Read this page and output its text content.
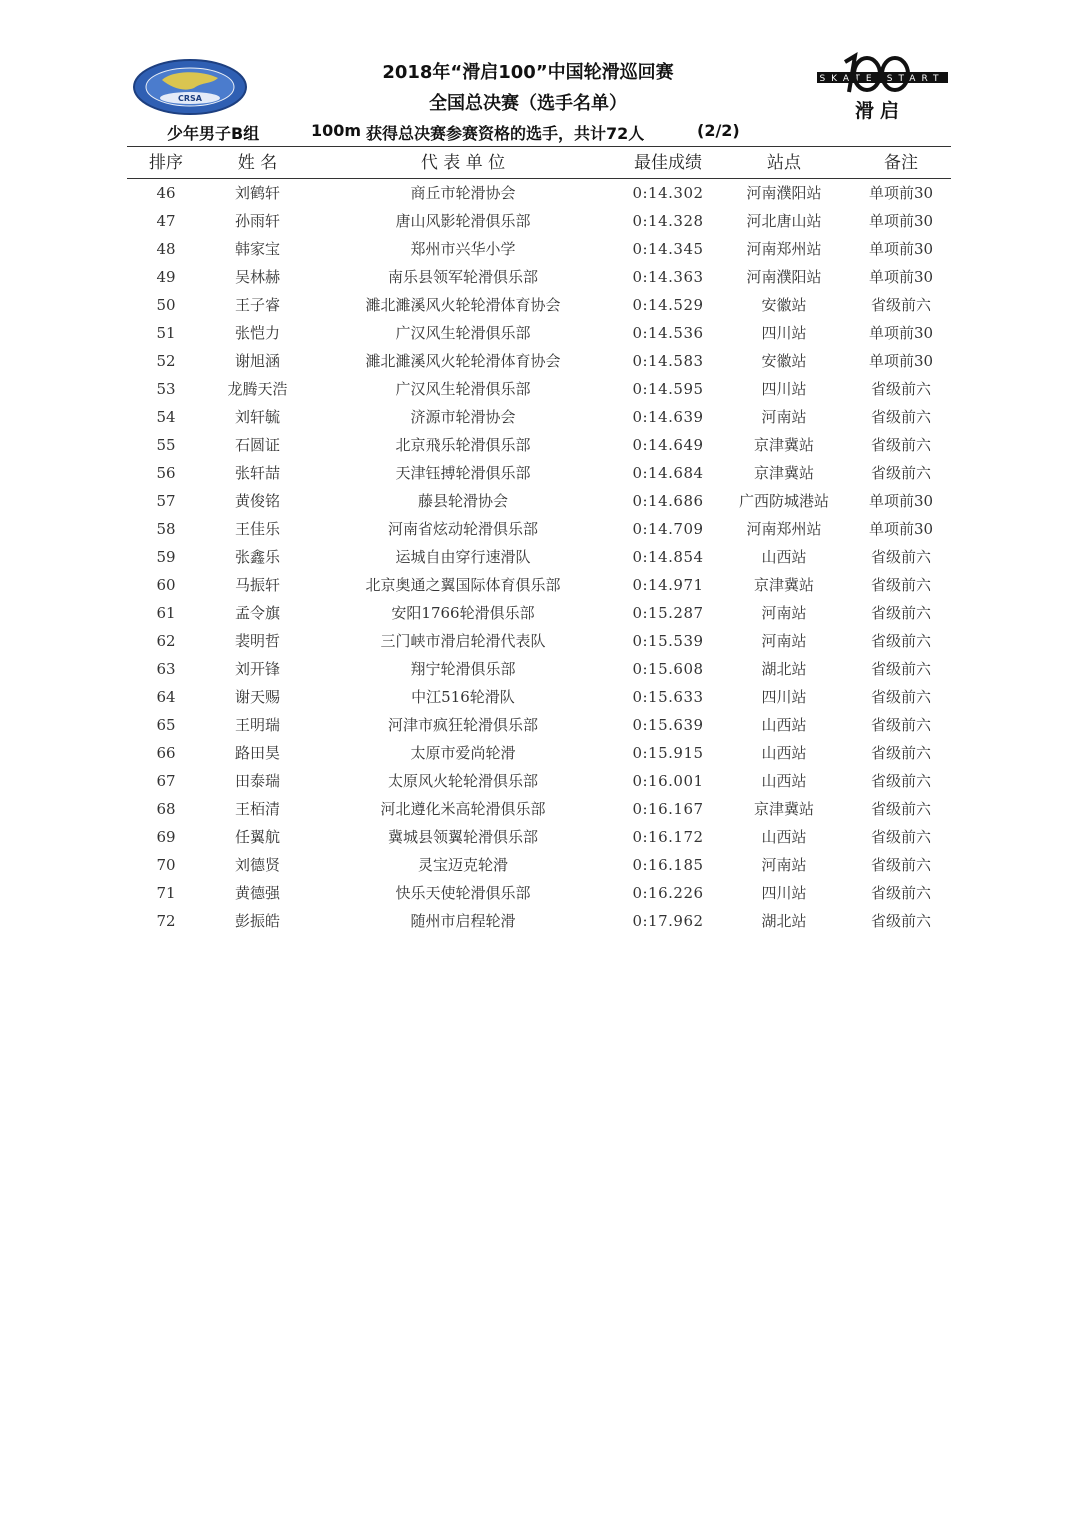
CRSA
SKATE-START
滑启
2018年“滑启100”中国轮滑巡回赛
全国总决赛（选手名单）
少年男子B组	100m 获得总决赛参赛资格的选手，共计72人	(2/2)
排序	姓 名	代 表 单 位	最佳成绩	站点	备注
46	刘鹤轩	商丘市轮滑协会	0:14.302	河南濮阳站	单项前30
47	孙雨轩	唐山风影轮滑俱乐部	0:14.328	河北唐山站	单项前30
48	韩家宝	郑州市兴华小学	0:14.345	河南郑州站	单项前30
49	吴林赫	南乐县领军轮滑俱乐部	0:14.363	河南濮阳站	单项前30
50	王子睿	濉北濉溪风火轮轮滑体育协会	0:14.529	安徽站	省级前六
51	张恺力	广汉风生轮滑俱乐部	0:14.536	四川站	单项前30
52	谢旭涵	濉北濉溪风火轮轮滑体育协会	0:14.583	安徽站	单项前30
53	龙腾天浩	广汉风生轮滑俱乐部	0:14.595	四川站	省级前六
54	刘轩毓	济源市轮滑协会	0:14.639	河南站	省级前六
55	石圆证	北京飛乐轮滑俱乐部	0:14.649	京津冀站	省级前六
56	张轩喆	天津钰搏轮滑俱乐部	0:14.684	京津冀站	省级前六
57	黄俊铭	藤县轮滑协会	0:14.686	广西防城港站	单项前30
58	王佳乐	河南省炫动轮滑俱乐部	0:14.709	河南郑州站	单项前30
59	张鑫乐	运城自由穿行速滑队	0:14.854	山西站	省级前六
60	马振轩	北京奥通之翼国际体育俱乐部	0:14.971	京津冀站	省级前六
61	孟令旗	安阳1766轮滑俱乐部	0:15.287	河南站	省级前六
62	裴明哲	三门峡市滑启轮滑代表队	0:15.539	河南站	省级前六
63	刘开锋	翔宁轮滑俱乐部	0:15.608	湖北站	省级前六
64	谢天赐	中江516轮滑队	0:15.633	四川站	省级前六
65	王明瑞	河津市疯狂轮滑俱乐部	0:15.639	山西站	省级前六
66	路田昊	太原市爱尚轮滑	0:15.915	山西站	省级前六
67	田泰瑞	太原风火轮轮滑俱乐部	0:16.001	山西站	省级前六
68	王栢清	河北遵化米高轮滑俱乐部	0:16.167	京津冀站	省级前六
69	任翼航	冀城县领翼轮滑俱乐部	0:16.172	山西站	省级前六
70	刘德贤	灵宝迈克轮滑	0:16.185	河南站	省级前六
71	黄德强	快乐天使轮滑俱乐部	0:16.226	四川站	省级前六
72	彭振皓	随州市启程轮滑	0:17.962	湖北站	省级前六
